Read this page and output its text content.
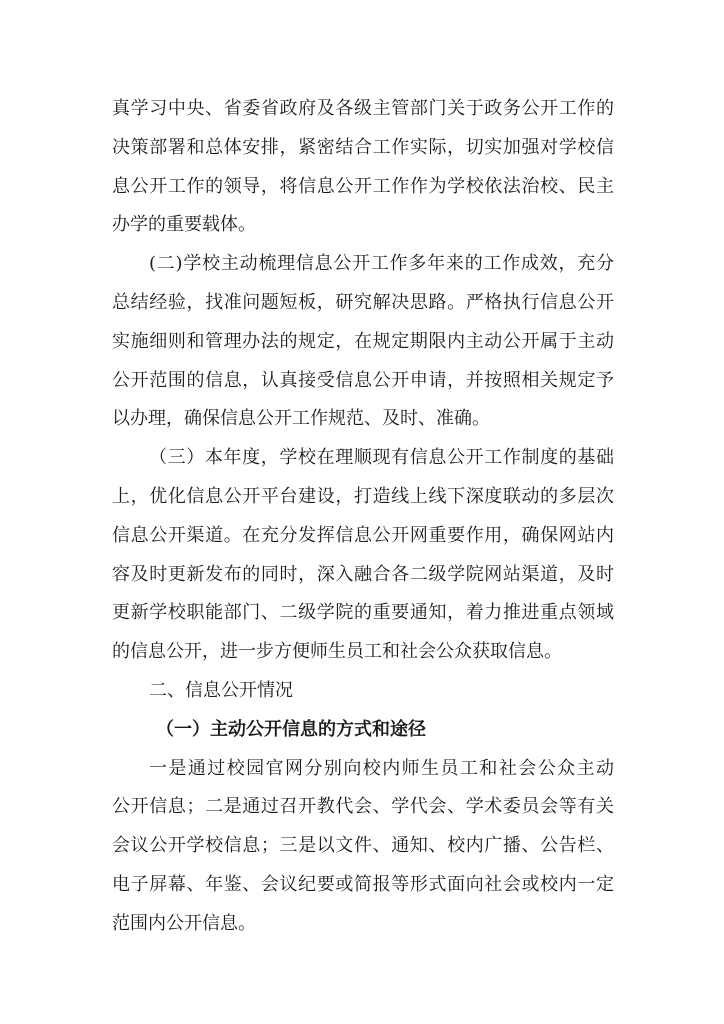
真学习中央、省委省政府及各级主管部门关于政务公开工作的
决策部署和总体安排，紧密结合工作实际，切实加强对学校信
息公开工作的领导，将信息公开工作作为学校依法治校、民主
办学的重要载体。
(二)学校主动梳理信息公开工作多年来的工作成效，充分
总结经验，找准问题短板，研究解决思路。严格执行信息公开
实施细则和管理办法的规定，在规定期限内主动公开属于主动
公开范围的信息，认真接受信息公开申请，并按照相关规定予
以办理，确保信息公开工作规范、及时、准确。
（三）本年度，学校在理顺现有信息公开工作制度的基础
上，优化信息公开平台建设，打造线上线下深度联动的多层次
信息公开渠道。在充分发挥信息公开网重要作用，确保网站内
容及时更新发布的同时，深入融合各二级学院网站渠道，及时
更新学校职能部门、二级学院的重要通知，着力推进重点领域
的信息公开，进一步方便师生员工和社会公众获取信息。
二、信息公开情况
（一）主动公开信息的方式和途径
一是通过校园官网分别向校内师生员工和社会公众主动
公开信息；二是通过召开教代会、学代会、学术委员会等有关
会议公开学校信息；三是以文件、通知、校内广播、公告栏、
电子屏幕、年鉴、会议纪要或简报等形式面向社会或校内一定
范围内公开信息。
